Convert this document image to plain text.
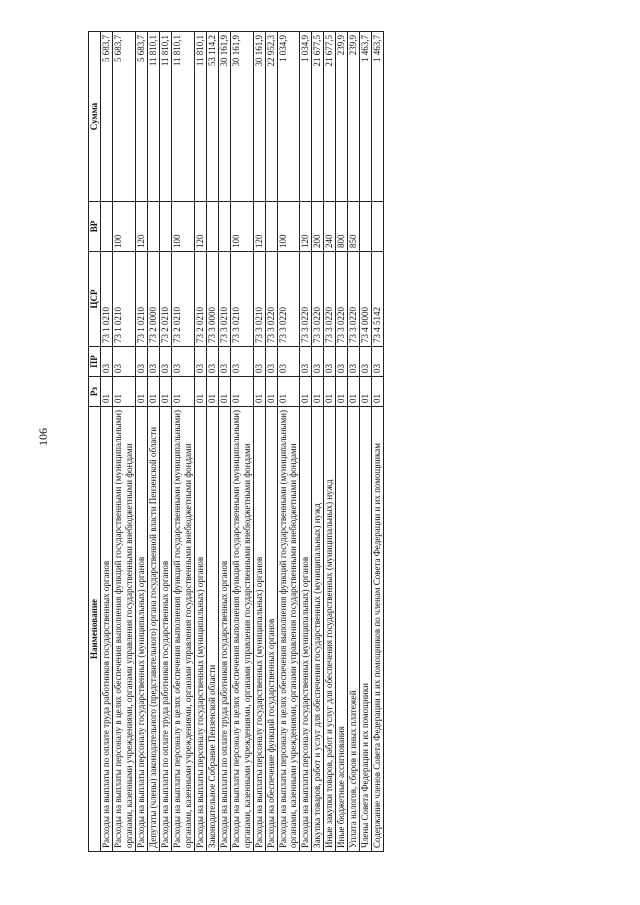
106
Наименование	Рз	ПР	ЦСР	ВР	Сумма
Расходы на выплаты по оплате труда работников государственных органов	01	03	73 1 0210		5 683,7
Расходы на выплаты персоналу в целях обеспечения выполнения функций государственными (муниципальными) органами, казенными учреждениями, органами управления государственными внебюджетными фондами	01	03	73 1 0210	100	5 683,7
Расходы на выплаты персоналу государственных (муниципальных) органов	01	03	73 1 0210	120	5 683,7
Депутаты (члены) законодательного (представительного) органа государственной власти Пензенской области	01	03	73 2 0000		11 810,1
Расходы на выплаты по оплате труда работников государственных органов	01	03	73 2 0210		11 810,1
Расходы на выплаты персоналу в целях обеспечения выполнения функций государственными (муниципальными) органами, казенными учреждениями, органами управления государственными внебюджетными фондами	01	03	73 2 0210	100	11 810,1
Расходы на выплаты персоналу государственных (муниципальных) органов	01	03	73 2 0210	120	11 810,1
Законодательное Собрание Пензенской области	01	03	73 3 0000		53 114,2
Расходы на выплаты по оплате труда работников государственных органов	01	03	73 3 0210		30 161,9
Расходы на выплаты персоналу в целях обеспечения выполнения функций государственными (муниципальными) органами, казенными учреждениями, органами управления государственными внебюджетными фондами	01	03	73 3 0210	100	30 161,9
Расходы на выплаты персоналу государственных (муниципальных) органов	01	03	73 3 0210	120	30 161,9
Расходы на обеспечение функций государственных органов	01	03	73 3 0220		22 952,3
Расходы на выплаты персоналу в целях обеспечения выполнения функций государственными (муниципальными) органами, казенными учреждениями, органами управления государственными внебюджетными фондами	01	03	73 3 0220	100	1 034,9
Расходы на выплаты персоналу государственных (муниципальных) органов	01	03	73 3 0220	120	1 034,9
Закупка товаров, работ и услуг для обеспечения государственных (муниципальных) нужд	01	03	73 3 0220	200	21 677,5
Иные закупки товаров, работ и услуг для обеспечения государственных (муниципальных) нужд	01	03	73 3 0220	240	21 677,5
Иные бюджетные ассигнования	01	03	73 3 0220	800	239,9
Уплата налогов, сборов и иных платежей	01	03	73 3 0220	850	239,9
Члены Совета Федерации и их помощники	01	03	73 4 0000		1 463,7
Содержание членов Совета Федерации и их помощников по членам Совета Федерации и их помощникам	01	03	73 4 5142		1 463,7
